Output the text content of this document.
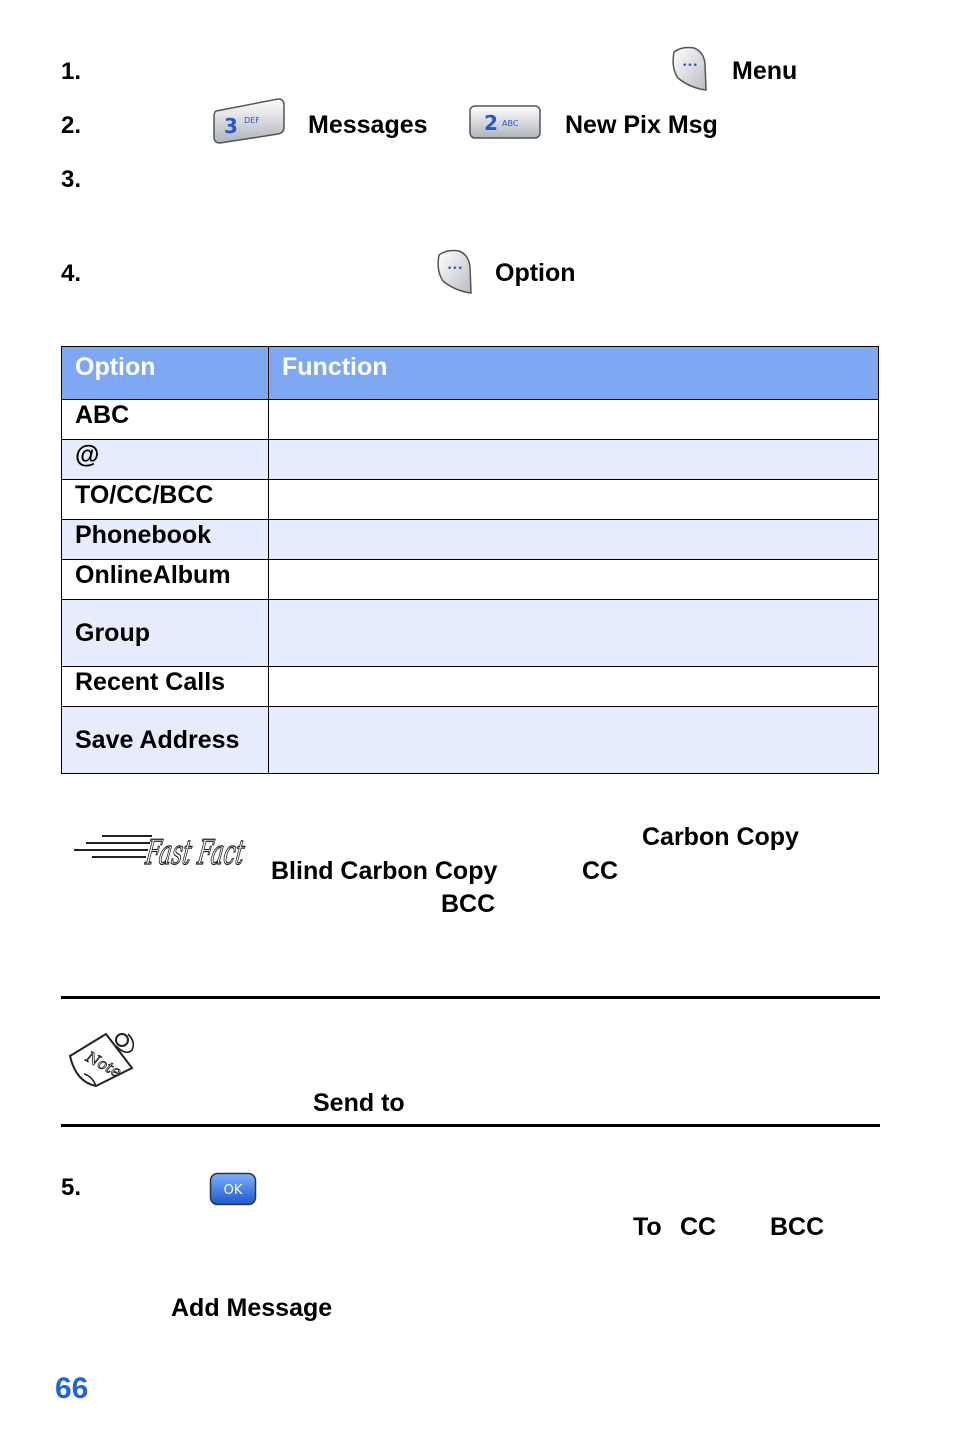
1.	••• Menu
2.	3 DEF Messages	2 ABC New Pix Msg
3.
4.	••• Option
Option	Function
ABC	
@	
TO/CC/BCC	
Phonebook	
OnlineAlbum	
Group	
Recent Calls	
Save Address	
Fast Fact	Carbon Copy
Blind Carbon Copy	CC
BCC
Note
Send to
5.	OK
To CC BCC
Add Message
66
